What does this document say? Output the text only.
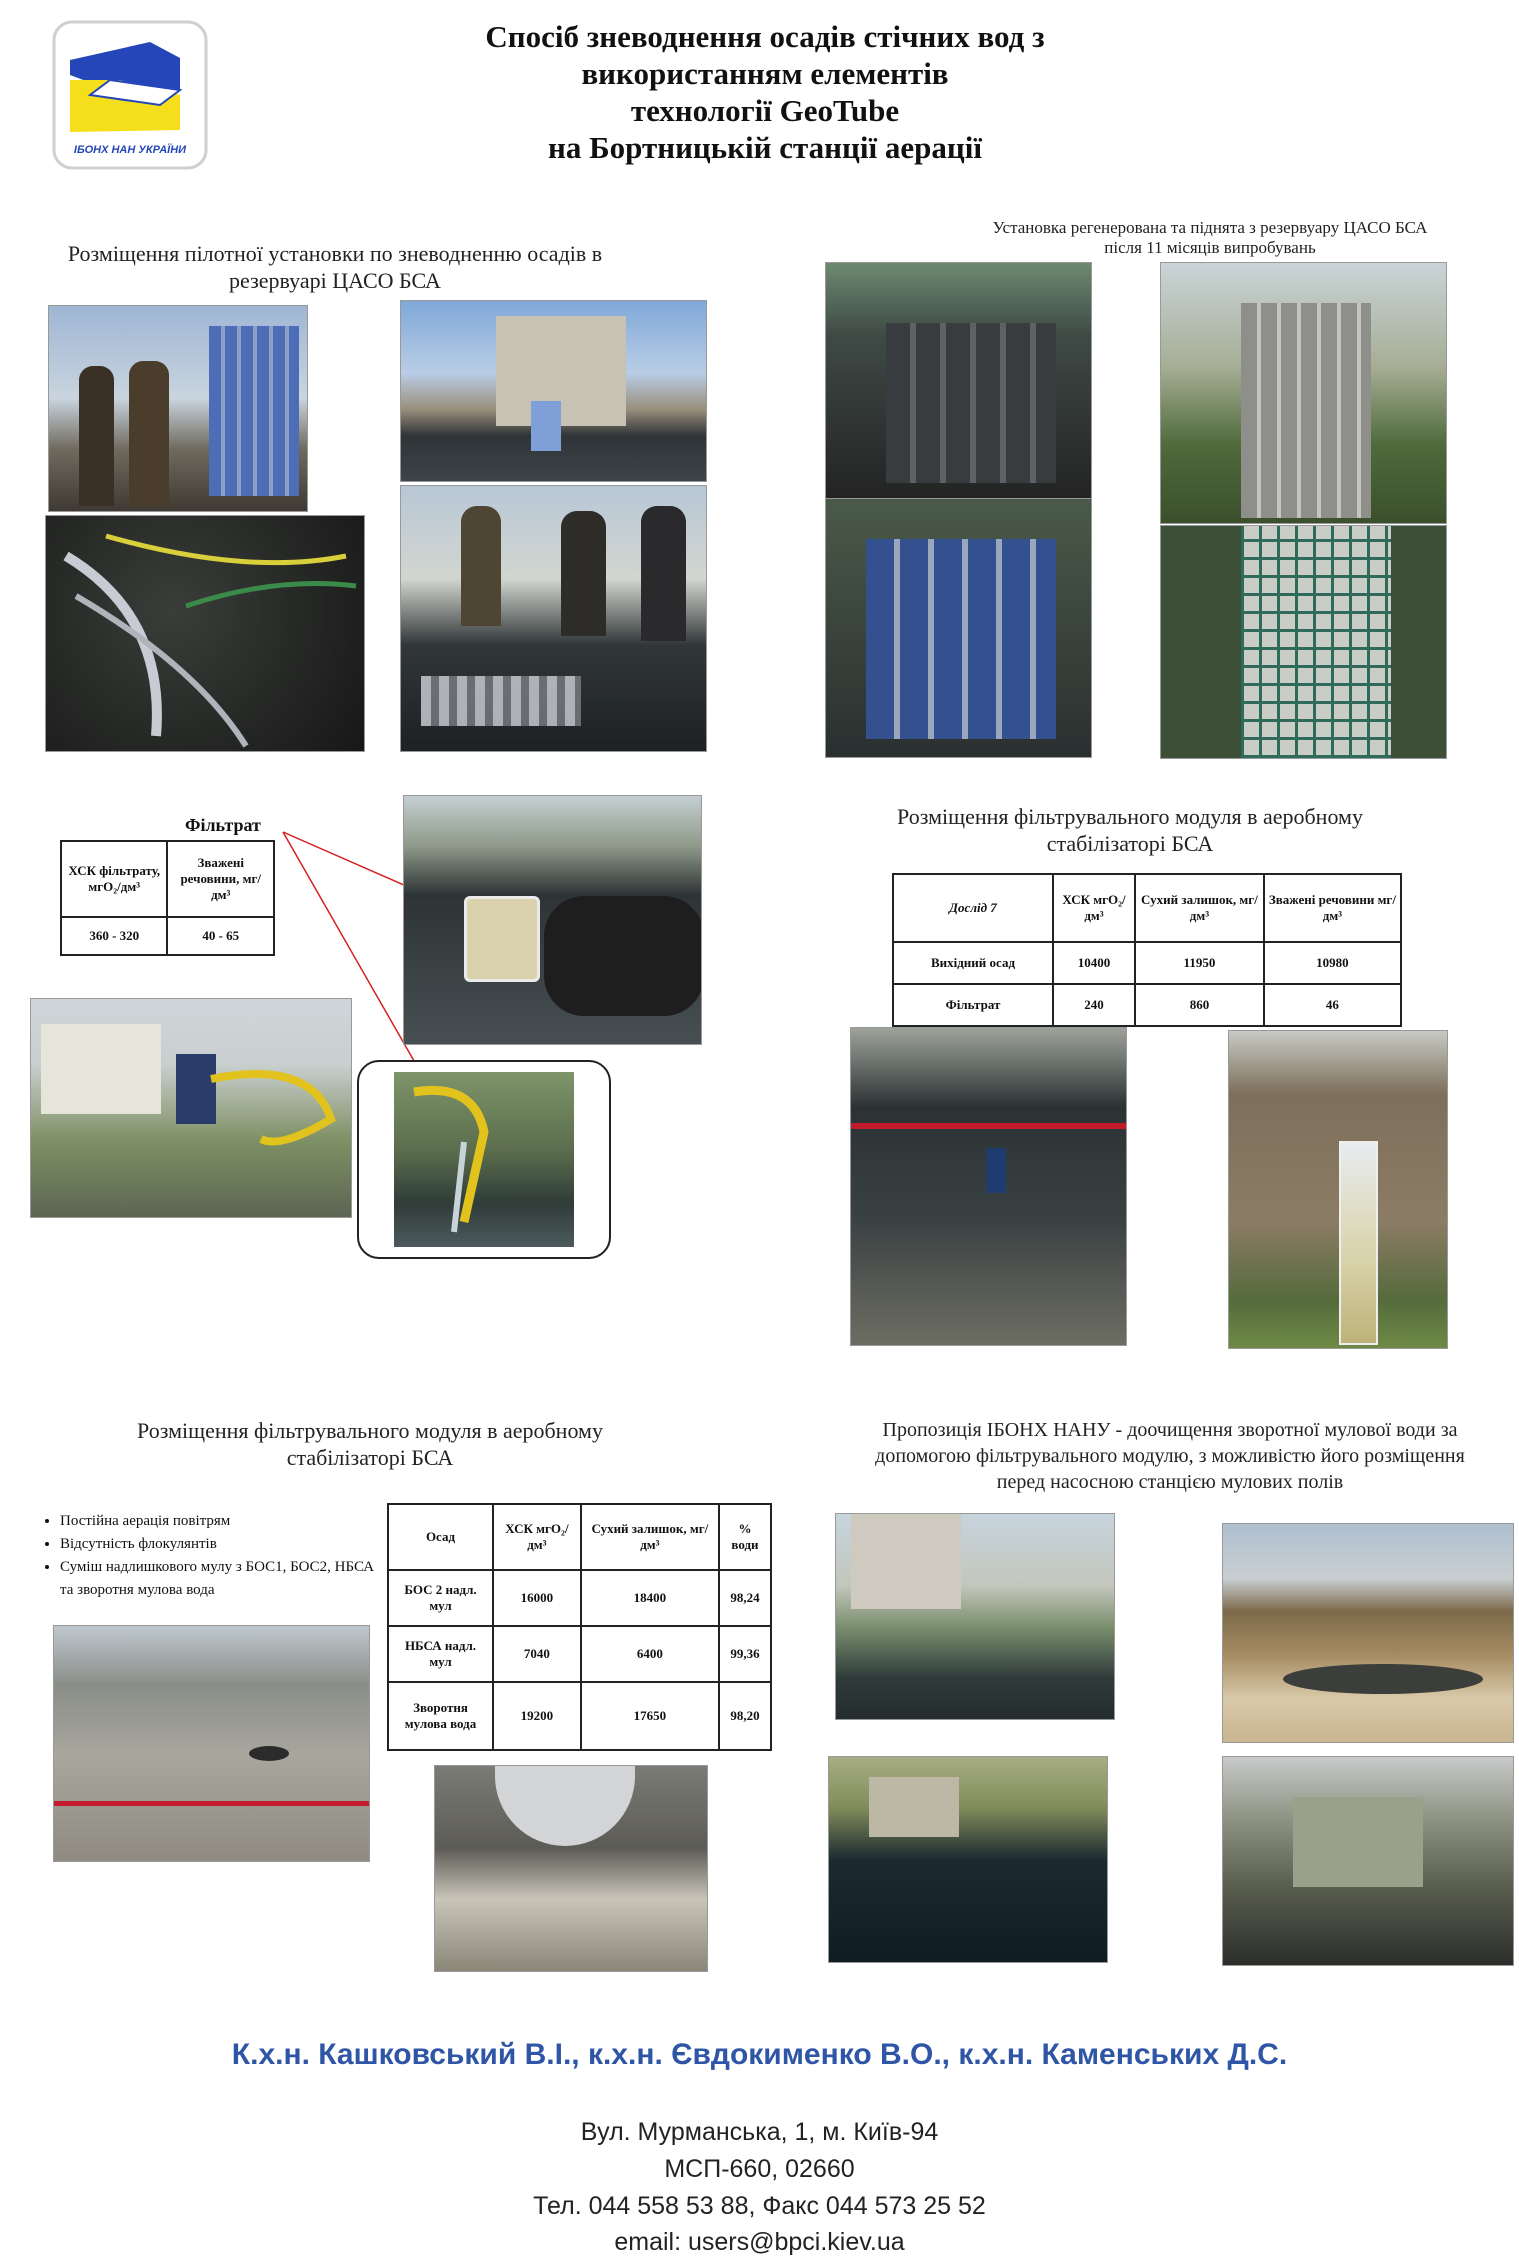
ІБОНХ НАН УКРАЇНИ
Спосіб зневоднення осадів стічних вод з
використанням елементів
технології GeoTube
на Бортницькій станції аерації
Розміщення пілотної установки по зневодненню осадів в
резервуарі ЦАСО БСА
Установка регенерована та піднята з резервуару ЦАСО БСА
після 11 місяців випробувань
Фільтрат
ХСК фільтрату, мгО₂/дм³	Зважені речовини, мг/дм³
360 - 320	40 - 65
Розміщення фільтрувального модуля в аеробному
стабілізаторі БСА
Дослід 7	ХСК мгО₂/дм³	Сухий залишок, мг/дм³	Зважені речовини мг/дм³
Вихідний осад	10400	11950	10980
Фільтрат	240	860	46
Розміщення фільтрувального модуля в аеробному
стабілізаторі БСА
• Постійна аерація повітрям
• Відсутність флокулянтів
• Суміш надлишкового мулу з БОС1, БОС2, НБСА та зворотня мулова вода
Осад	ХСК мгО₂/дм³	Сухий залишок, мг/дм³	% води
БОС 2 надл. мул	16000	18400	98,24
НБСА надл. мул	7040	6400	99,36
Зворотня мулова вода	19200	17650	98,20
Пропозиція ІБОНХ НАНУ - доочищення зворотної мулової води за
допомогою фільтрувального модулю, з можливістю його розміщення
перед насосною станцією мулових полів
К.х.н. Кашковський В.І., к.х.н. Євдокименко В.О., к.х.н. Каменських Д.С.
Вул. Мурманська, 1, м. Київ-94
МСП-660, 02660
Тел. 044 558 53 88, Факс 044 573 25 52
email: users@bpci.kiev.ua
